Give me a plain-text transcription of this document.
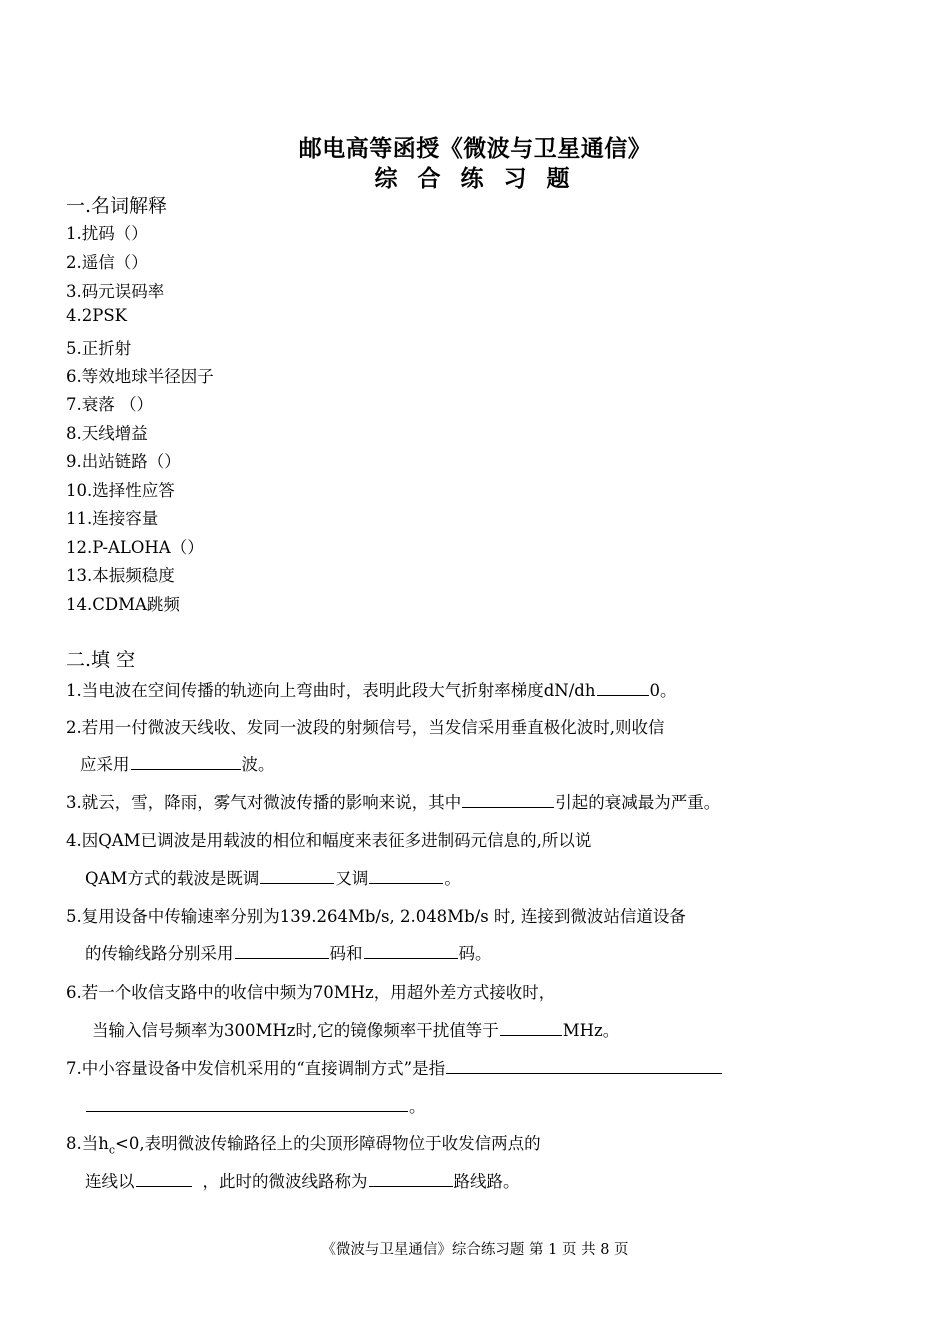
邮电高等函授《微波与卫星通信》
综 合 练 习 题
一.名词解释
1.扰码（）
2.遥信（）
3.码元误码率
4.2PSK
5.正折射
6.等效地球半径因子
7.衰落 （）
8.天线增益
9.出站链路（）
10.选择性应答
11.连接容量
12.P-ALOHA（）
13.本振频稳度
14.CDMA跳频
二.填 空
1.当电波在空间传播的轨迹向上弯曲时，表明此段大气折射率梯度dN/dh	0。
2.若用一付微波天线收、发同一波段的射频信号，当发信采用垂直极化波时,则收信
应采用	波。
3.就云，雪，降雨，雾气对微波传播的影响来说，其中	引起的衰减最为严重。
4.因QAM已调波是用载波的相位和幅度来表征多进制码元信息的,所以说
QAM方式的载波是既调	又调	。
5.复用设备中传输速率分别为139.264Mb/s, 2.048Mb/s 时, 连接到微波站信道设备
的传输线路分别采用	码和	码。
6.若一个收信支路中的收信中频为70MHz，用超外差方式接收时，
当输入信号频率为300MHz时,它的镜像频率干扰值等于	MHz。
7.中小容量设备中发信机采用的“直接调制方式”是指
。
8.当$h_c<0$,表明微波传输路径上的尖顶形障碍物位于收发信两点的
连线以	，此时的微波线路称为	路线路。
《微波与卫星通信》综合练习题 第 1 页 共 8 页
